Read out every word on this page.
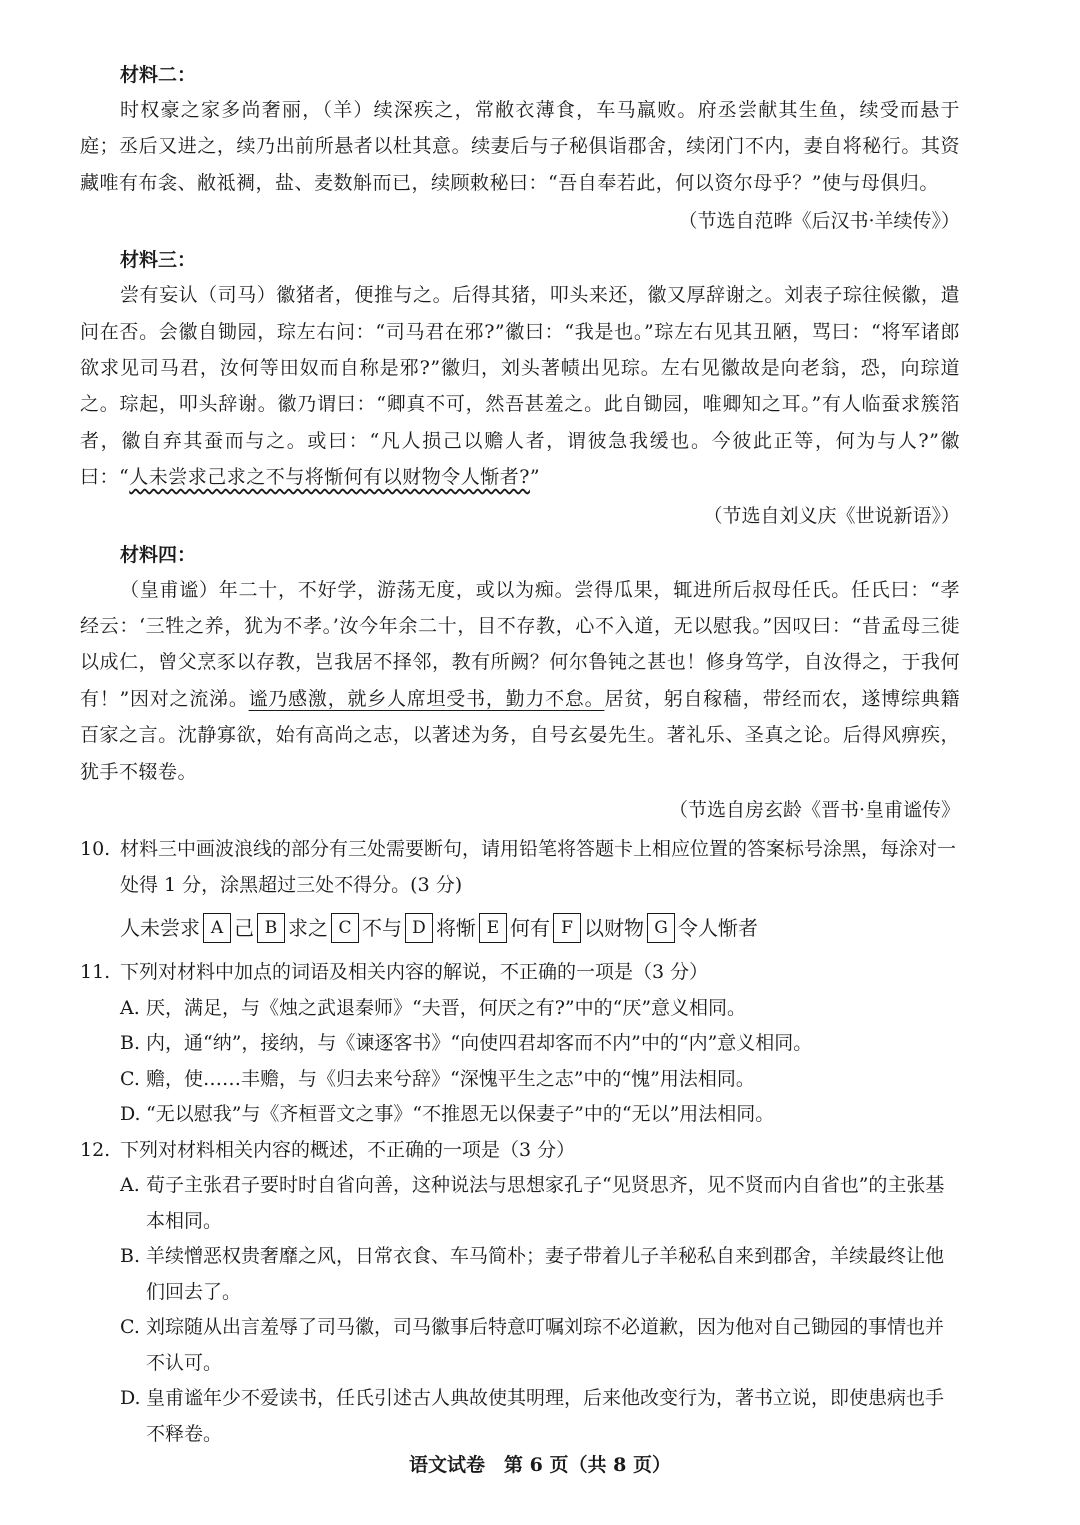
材料二：

时权豪之家多尚奢丽，（羊）续深疾之，常敝衣薄食，车马羸败。府丞尝献其生鱼，续受而悬于庭；丞后又进之，续乃出前所悬者以杜其意。续妻后与子秘俱诣郡舍，续闭门不内，妻自将秘行。其资藏唯有布衾、敝祗裯，盐、麦数斛而已，续顾敕秘曰：“吾自奉若此，何以资尔母乎？”使与母俱归。

（节选自范晔《后汉书·羊续传》）
材料三：

尝有妄认（司马）徽猪者，便推与之。后得其猪，叩头来还，徽又厚辞谢之。刘表子琮往候徽，遣问在否。会徽自锄园，琮左右问：“司马君在邪?”徽曰：“我是也。”琮左右见其丑陋，骂曰：“将军诸郎欲求见司马君，汝何等田奴而自称是邪?”徽归，刘头著帻出见琮。左右见徽故是向老翁，恐，向琮道之。琮起，叩头辞谢。徽乃谓曰：“卿真不可，然吾甚羞之。此自锄园，唯卿知之耳。”有人临蚕求簇箔者，徽自弃其蚕而与之。或曰：“凡人损己以赡人者，谓彼急我缓也。今彼此正等，何为与人?”徽曰：“人未尝求己求之不与将惭何有以财物令人惭者?”

（节选自刘义庆《世说新语》）
材料四：

（皇甫谧）年二十，不好学，游荡无度，或以为痴。尝得瓜果，辄进所后叔母任氏。任氏曰：“孝经云：‘三牲之养，犹为不孝。’汝今年余二十，目不存教，心不入道，无以慰我。”因叹曰：“昔孟母三徙以成仁，曾父烹豕以存教，岂我居不择邻，教有所阙？何尔鲁钝之甚也！修身笃学，自汝得之，于我何有！”因对之流涕。谧乃感激，就乡人席坦受书，勤力不怠。居贫，躬自稼穑，带经而农，遂博综典籍百家之言。沈静寡欲，始有高尚之志，以著述为务，自号玄晏先生。著礼乐、圣真之论。后得风痹疾，犹手不辍卷。

（节选自房玄龄《晋书·皇甫谧传》
10. 材料三中画波浪线的部分有三处需要断句，请用铅笔将答题卡上相应位置的答案标号涂黑，每涂对一处得 1 分，涂黑超过三处不得分。(3 分)
人未尝求 A 己 B 求之 C 不与 D 将惭 E 何有 F 以财物 G 令人惭者
11. 下列对材料中加点的词语及相关内容的解说，不正确的一项是（3 分）
A. 厌，满足，与《烛之武退秦师》“夫晋，何厌之有?”中的“厌”意义相同。
B. 内，通“纳”，接纳，与《谏逐客书》“向使四君却客而不内”中的“内”意义相同。
C. 赡，使……丰赡，与《归去来兮辞》“深愧平生之志”中的“愧”用法相同。
D. “无以慰我”与《齐桓晋文之事》“不推恩无以保妻子”中的“无以”用法相同。
12. 下列对材料相关内容的概述，不正确的一项是（3 分）
A. 荀子主张君子要时时自省向善，这种说法与思想家孔子“见贤思齐，见不贤而内自省也”的主张基本相同。
B. 羊续憎恶权贵奢靡之风，日常衣食、车马简朴；妻子带着儿子羊秘私自来到郡舍，羊续最终让他们回去了。
C. 刘琮随从出言羞辱了司马徽，司马徽事后特意叮嘱刘琮不必道歉，因为他对自己锄园的事情也并不认可。
D. 皇甫谧年少不爱读书，任氏引述古人典故使其明理，后来他改变行为，著书立说，即使患病也手不释卷。
语文试卷　第 6 页（共 8 页）
